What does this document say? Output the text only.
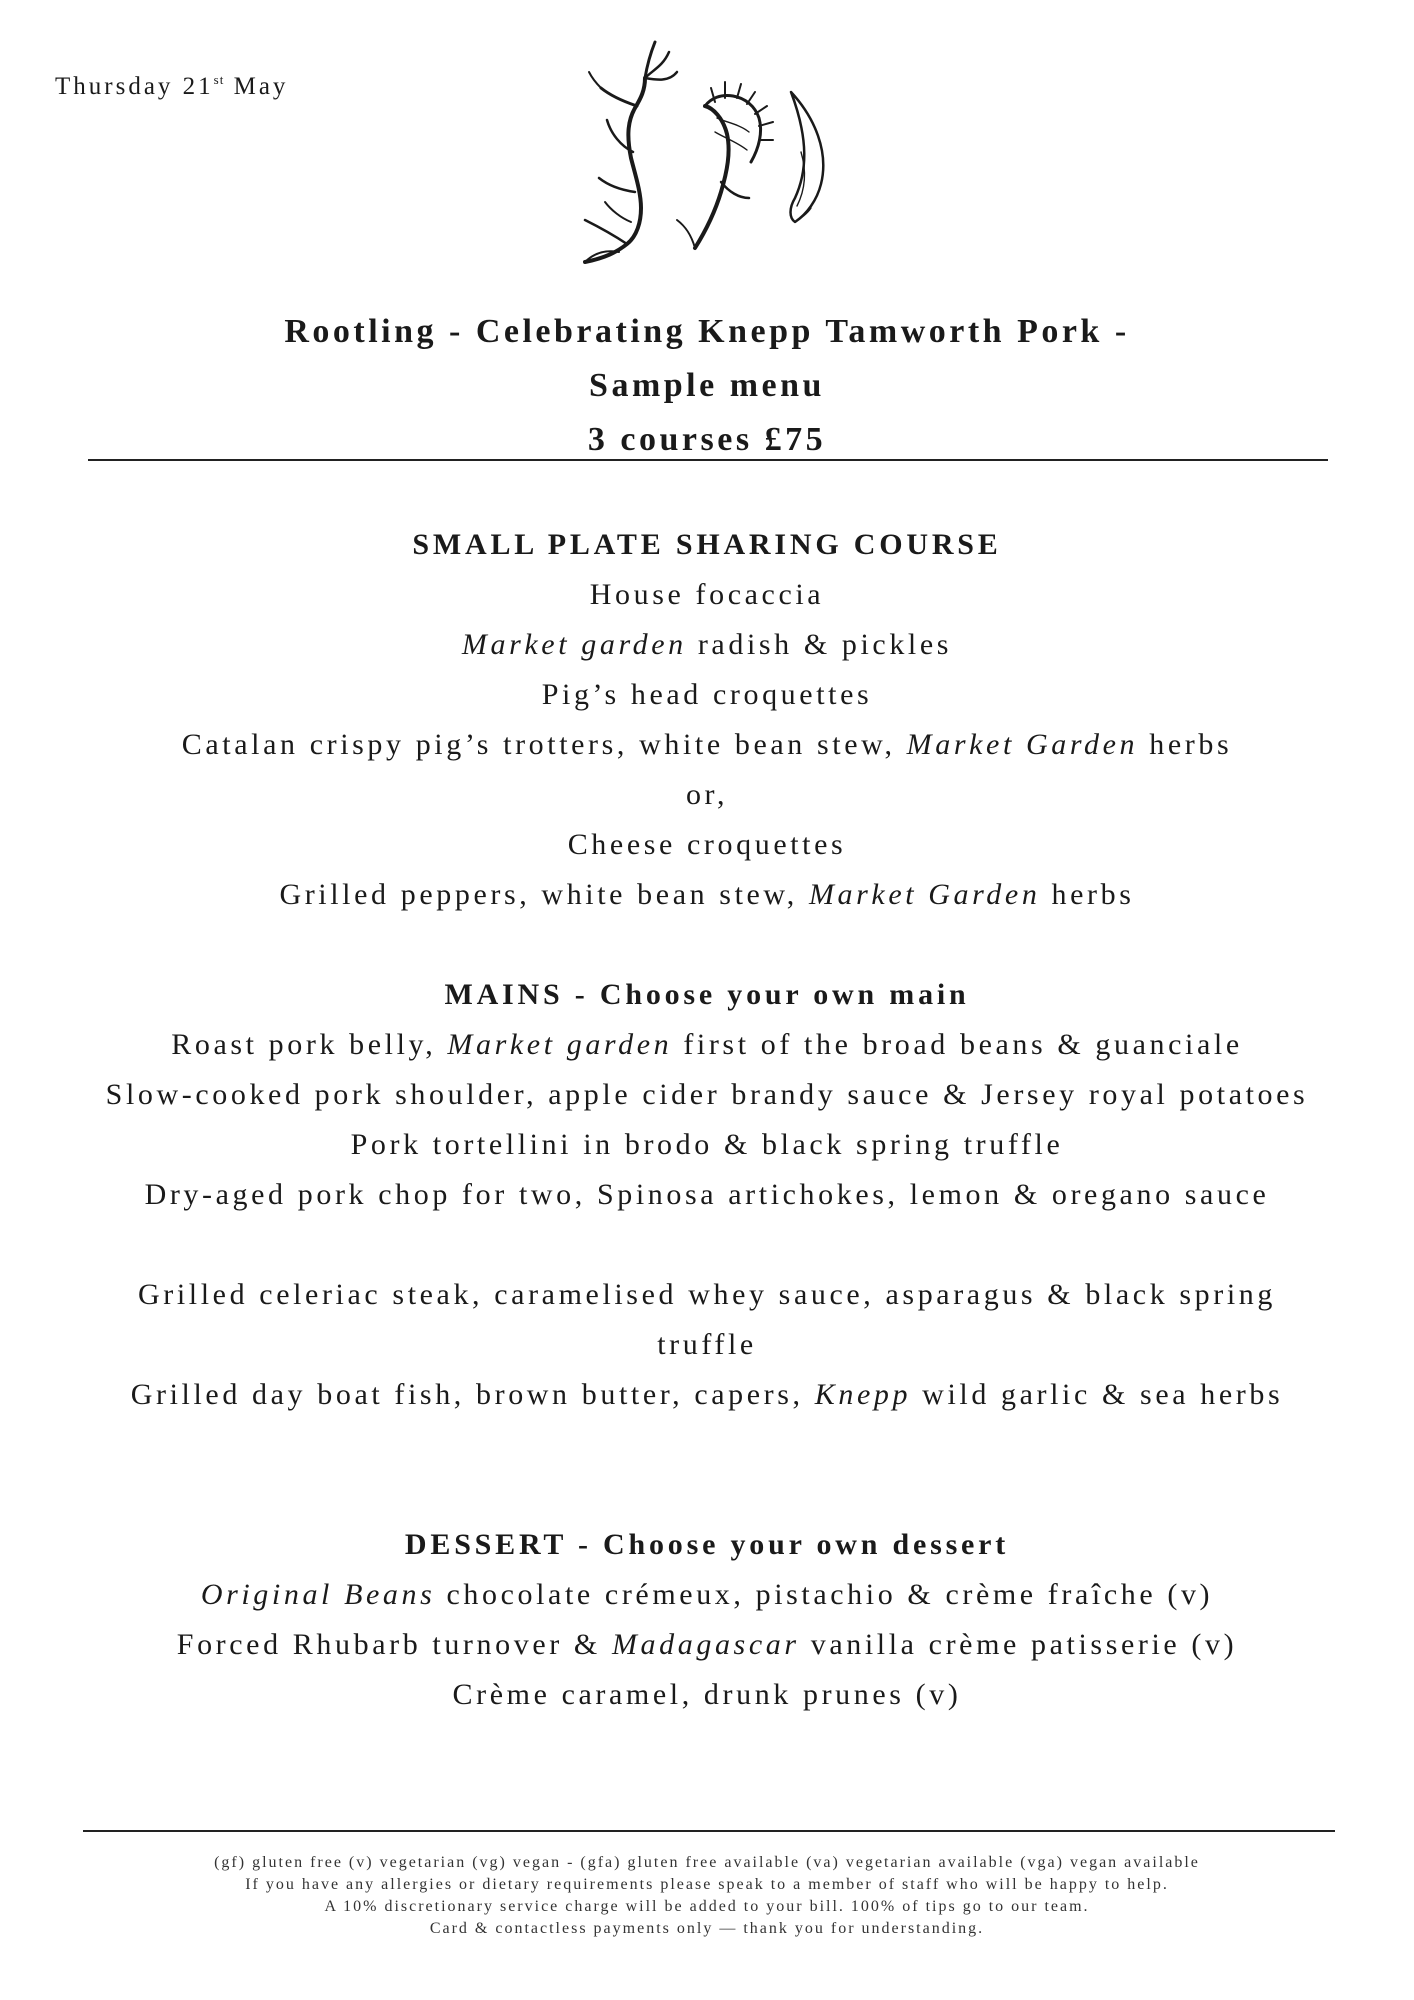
Thursday 21st May
Rootling - Celebrating Knepp Tamworth Pork -
Sample menu
3 courses £75
SMALL PLATE SHARING COURSE
House focaccia
Market garden radish & pickles
Pig’s head croquettes
Catalan crispy pig’s trotters, white bean stew, Market Garden herbs
or,
Cheese croquettes
Grilled peppers, white bean stew, Market Garden herbs
MAINS - Choose your own main
Roast pork belly, Market garden first of the broad beans & guanciale
Slow-cooked pork shoulder, apple cider brandy sauce & Jersey royal potatoes
Pork tortellini in brodo & black spring truffle
Dry-aged pork chop for two, Spinosa artichokes, lemon & oregano sauce
Grilled celeriac steak, caramelised whey sauce, asparagus & black spring
truffle
Grilled day boat fish, brown butter, capers, Knepp wild garlic & sea herbs
DESSERT - Choose your own dessert
Original Beans chocolate crémeux, pistachio & crème fraîche (v)
Forced Rhubarb turnover & Madagascar vanilla crème patisserie (v)
Crème caramel, drunk prunes (v)
(gf) gluten free (v) vegetarian (vg) vegan - (gfa) gluten free available (va) vegetarian available (vga) vegan available
If you have any allergies or dietary requirements please speak to a member of staff who will be happy to help.
A 10% discretionary service charge will be added to your bill. 100% of tips go to our team.
Card & contactless payments only — thank you for understanding.
